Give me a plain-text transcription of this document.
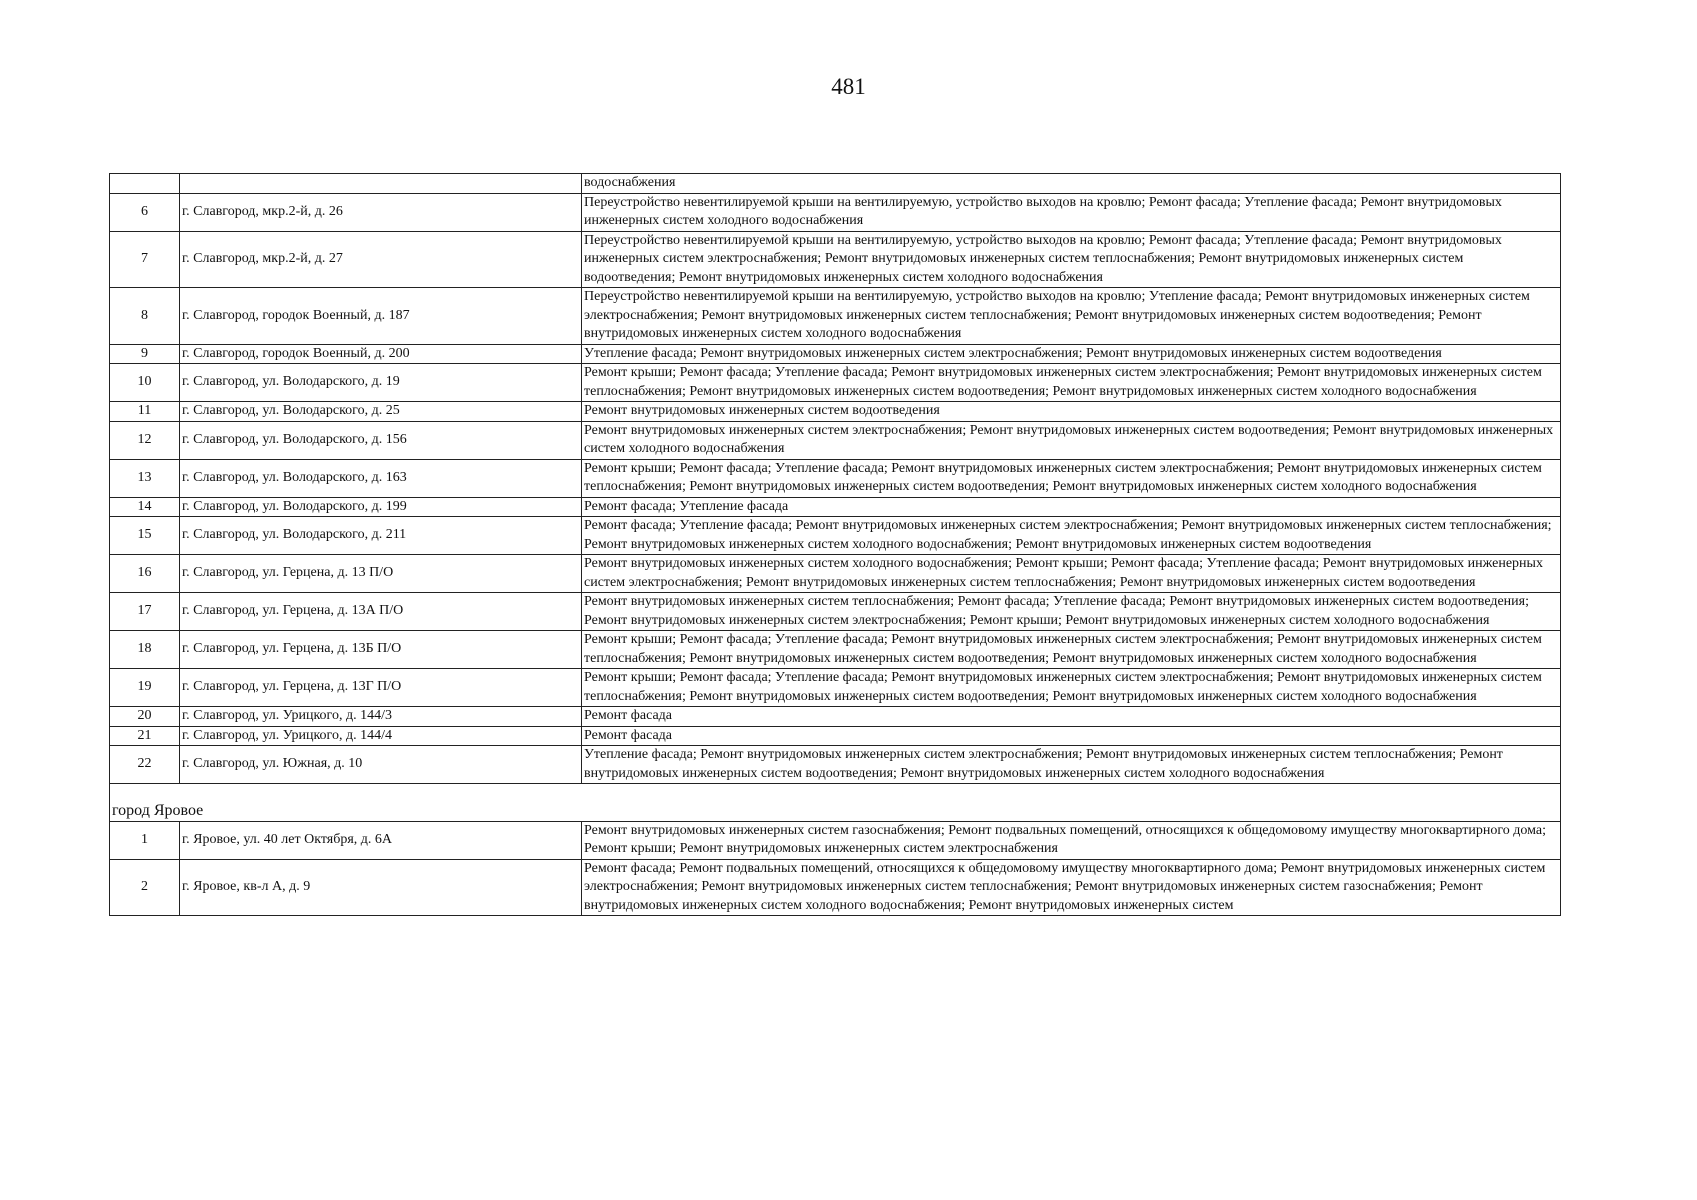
481
		водоснабжения
6	г. Славгород, мкр.2-й, д. 26	Переустройство невентилируемой крыши на вентилируемую, устройство выходов на кровлю; Ремонт фасада; Утепление фасада; Ремонт внутридомовых инженерных систем холодного водоснабжения
7	г. Славгород, мкр.2-й, д. 27	Переустройство невентилируемой крыши на вентилируемую, устройство выходов на кровлю; Ремонт фасада; Утепление фасада; Ремонт внутридомовых инженерных систем электроснабжения; Ремонт внутридомовых инженерных систем теплоснабжения; Ремонт внутридомовых инженерных систем водоотведения; Ремонт внутридомовых инженерных систем холодного водоснабжения
8	г. Славгород, городок Военный, д. 187	Переустройство невентилируемой крыши на вентилируемую, устройство выходов на кровлю; Утепление фасада; Ремонт внутридомовых инженерных систем электроснабжения; Ремонт внутридомовых инженерных систем теплоснабжения; Ремонт внутридомовых инженерных систем водоотведения; Ремонт внутридомовых инженерных систем холодного водоснабжения
9	г. Славгород, городок Военный, д. 200	Утепление фасада; Ремонт внутридомовых инженерных систем электроснабжения; Ремонт внутридомовых инженерных систем водоотведения
10	г. Славгород, ул. Володарского, д. 19	Ремонт крыши; Ремонт фасада; Утепление фасада; Ремонт внутридомовых инженерных систем электроснабжения; Ремонт внутридомовых инженерных систем теплоснабжения; Ремонт внутридомовых инженерных систем водоотведения; Ремонт внутридомовых инженерных систем холодного водоснабжения
11	г. Славгород, ул. Володарского, д. 25	Ремонт внутридомовых инженерных систем водоотведения
12	г. Славгород, ул. Володарского, д. 156	Ремонт внутридомовых инженерных систем электроснабжения; Ремонт внутридомовых инженерных систем водоотведения; Ремонт внутридомовых инженерных систем холодного водоснабжения
13	г. Славгород, ул. Володарского, д. 163	Ремонт крыши; Ремонт фасада; Утепление фасада; Ремонт внутридомовых инженерных систем электроснабжения; Ремонт внутридомовых инженерных систем теплоснабжения; Ремонт внутридомовых инженерных систем водоотведения; Ремонт внутридомовых инженерных систем холодного водоснабжения
14	г. Славгород, ул. Володарского, д. 199	Ремонт фасада; Утепление фасада
15	г. Славгород, ул. Володарского, д. 211	Ремонт фасада; Утепление фасада; Ремонт внутридомовых инженерных систем электроснабжения; Ремонт внутридомовых инженерных систем теплоснабжения; Ремонт внутридомовых инженерных систем холодного водоснабжения; Ремонт внутридомовых инженерных систем водоотведения
16	г. Славгород, ул. Герцена, д. 13 П/О	Ремонт внутридомовых инженерных систем холодного водоснабжения; Ремонт крыши; Ремонт фасада; Утепление фасада; Ремонт внутридомовых инженерных систем электроснабжения; Ремонт внутридомовых инженерных систем теплоснабжения; Ремонт внутридомовых инженерных систем водоотведения
17	г. Славгород, ул. Герцена, д. 13А П/О	Ремонт внутридомовых инженерных систем теплоснабжения; Ремонт фасада; Утепление фасада; Ремонт внутридомовых инженерных систем водоотведения; Ремонт внутридомовых инженерных систем электроснабжения; Ремонт крыши; Ремонт внутридомовых инженерных систем холодного водоснабжения
18	г. Славгород, ул. Герцена, д. 13Б П/О	Ремонт крыши; Ремонт фасада; Утепление фасада; Ремонт внутридомовых инженерных систем электроснабжения; Ремонт внутридомовых инженерных систем теплоснабжения; Ремонт внутридомовых инженерных систем водоотведения; Ремонт внутридомовых инженерных систем холодного водоснабжения
19	г. Славгород, ул. Герцена, д. 13Г П/О	Ремонт крыши; Ремонт фасада; Утепление фасада; Ремонт внутридомовых инженерных систем электроснабжения; Ремонт внутридомовых инженерных систем теплоснабжения; Ремонт внутридомовых инженерных систем водоотведения; Ремонт внутридомовых инженерных систем холодного водоснабжения
20	г. Славгород, ул. Урицкого, д. 144/3	Ремонт фасада
21	г. Славгород, ул. Урицкого, д. 144/4	Ремонт фасада
22	г. Славгород, ул. Южная, д. 10	Утепление фасада; Ремонт внутридомовых инженерных систем электроснабжения; Ремонт внутридомовых инженерных систем теплоснабжения; Ремонт внутридомовых инженерных систем водоотведения; Ремонт внутридомовых инженерных систем холодного водоснабжения
город Яровое		
1	г. Яровое, ул. 40 лет Октября, д. 6А	Ремонт внутридомовых инженерных систем газоснабжения; Ремонт подвальных помещений, относящихся к общедомовому имуществу многоквартирного дома; Ремонт крыши; Ремонт внутридомовых инженерных систем электроснабжения
2	г. Яровое, кв-л А, д. 9	Ремонт фасада; Ремонт подвальных помещений, относящихся к общедомовому имуществу многоквартирного дома; Ремонт внутридомовых инженерных систем электроснабжения; Ремонт внутридомовых инженерных систем теплоснабжения; Ремонт внутридомовых инженерных систем газоснабжения; Ремонт внутридомовых инженерных систем холодного водоснабжения; Ремонт внутридомовых инженерных систем
